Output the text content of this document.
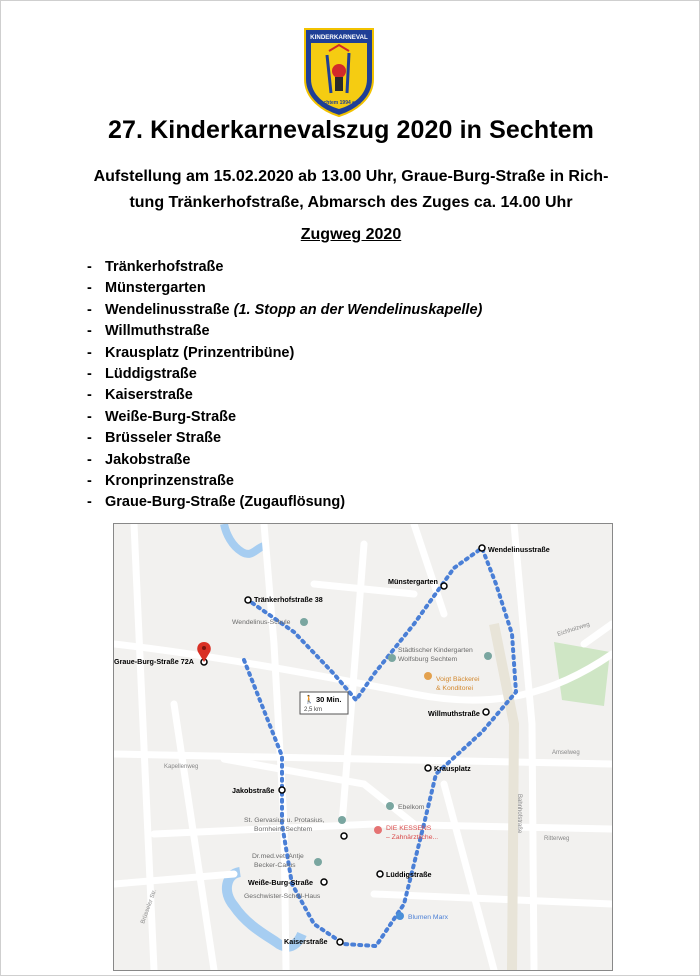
KINDERKARNEVAL
Sechtem 1994 e.V.
27. Kinderkarnevalszug 2020 in Sechtem
Aufstellung am 15.02.2020 ab 13.00 Uhr, Graue-Burg-Straße in Rich-
tung Tränkerhofstraße, Abmarsch des Zuges ca. 14.00 Uhr
Zugweg 2020
- Tränkerhofstraße
- Münstergarten
- Wendelinusstraße (1. Stopp an der Wendelinuskapelle)
- Willmuthstraße
- Krausplatz (Prinzentribüne)
- Lüddigstraße
- Kaiserstraße
- Weiße-Burg-Straße
- Brüsseler Straße
- Jakobstraße
- Kronprinzenstraße
- Graue-Burg-Straße (Zugauflösung)
🚶 30 Min.
2,5 km
Wendelinusstraße
Münstergarten
Tränkerhofstraße 38
Graue-Burg-Straße 72A
Willmuthstraße
Krausplatz
Jakobstraße
Lüddigstraße
Weiße-Burg-Straße
Kaiserstraße
Wendelinus-Schule
Städtischer Kindergarten
Wolfsburg Sechtem
Voigt Bäckerei
& Konditorei
Ebelkom
DIE KESSENS
– Zahnärztliche...
St. Gervasius u. Protasius,
Bornheim-Sechtem
Dr.med.vet. Antje
Becker-Carus
Geschwister-Scholl-Haus
Blumen Marx
Bahnhofstraße
Eichholzweg
Ritterweg
Brüsseler Str.
Kapellenweg
Amselweg
